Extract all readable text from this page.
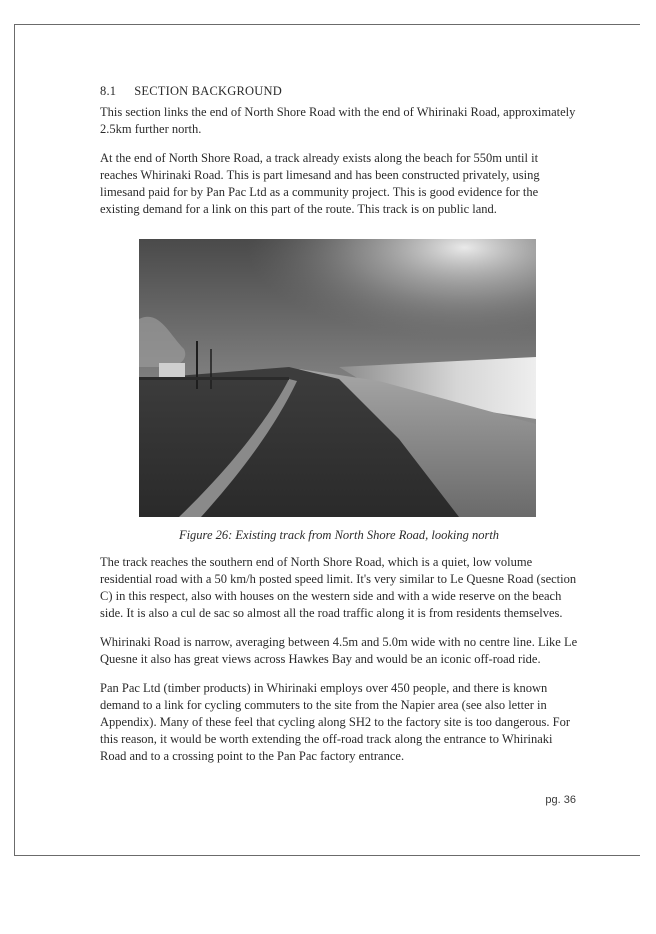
8.1 SECTION BACKGROUND

This section links the end of North Shore Road with the end of Whirinaki Road, approximately 2.5km further north.

At the end of North Shore Road, a track already exists along the beach for 550m until it reaches Whirinaki Road. This is part limesand and has been constructed privately, using limesand paid for by Pan Pac Ltd as a community project. This is good evidence for the existing demand for a link on this part of the route. This track is on public land.

Figure 26: Existing track from North Shore Road, looking north

The track reaches the southern end of North Shore Road, which is a quiet, low volume residential road with a 50 km/h posted speed limit. It's very similar to Le Quesne Road (section C) in this respect, also with houses on the western side and with a wide reserve on the beach side. It is also a cul de sac so almost all the road traffic along it is from residents themselves.

Whirinaki Road is narrow, averaging between 4.5m and 5.0m wide with no centre line. Like Le Quesne it also has great views across Hawkes Bay and would be an iconic off-road ride.

Pan Pac Ltd (timber products) in Whirinaki employs over 450 people, and there is known demand to a link for cycling commuters to the site from the Napier area (see also letter in Appendix). Many of these feel that cycling along SH2 to the factory site is too dangerous. For this reason, it would be worth extending the off-road track along the entrance to Whirinaki Road and to a crossing point to the Pan Pac factory entrance.

pg. 36
